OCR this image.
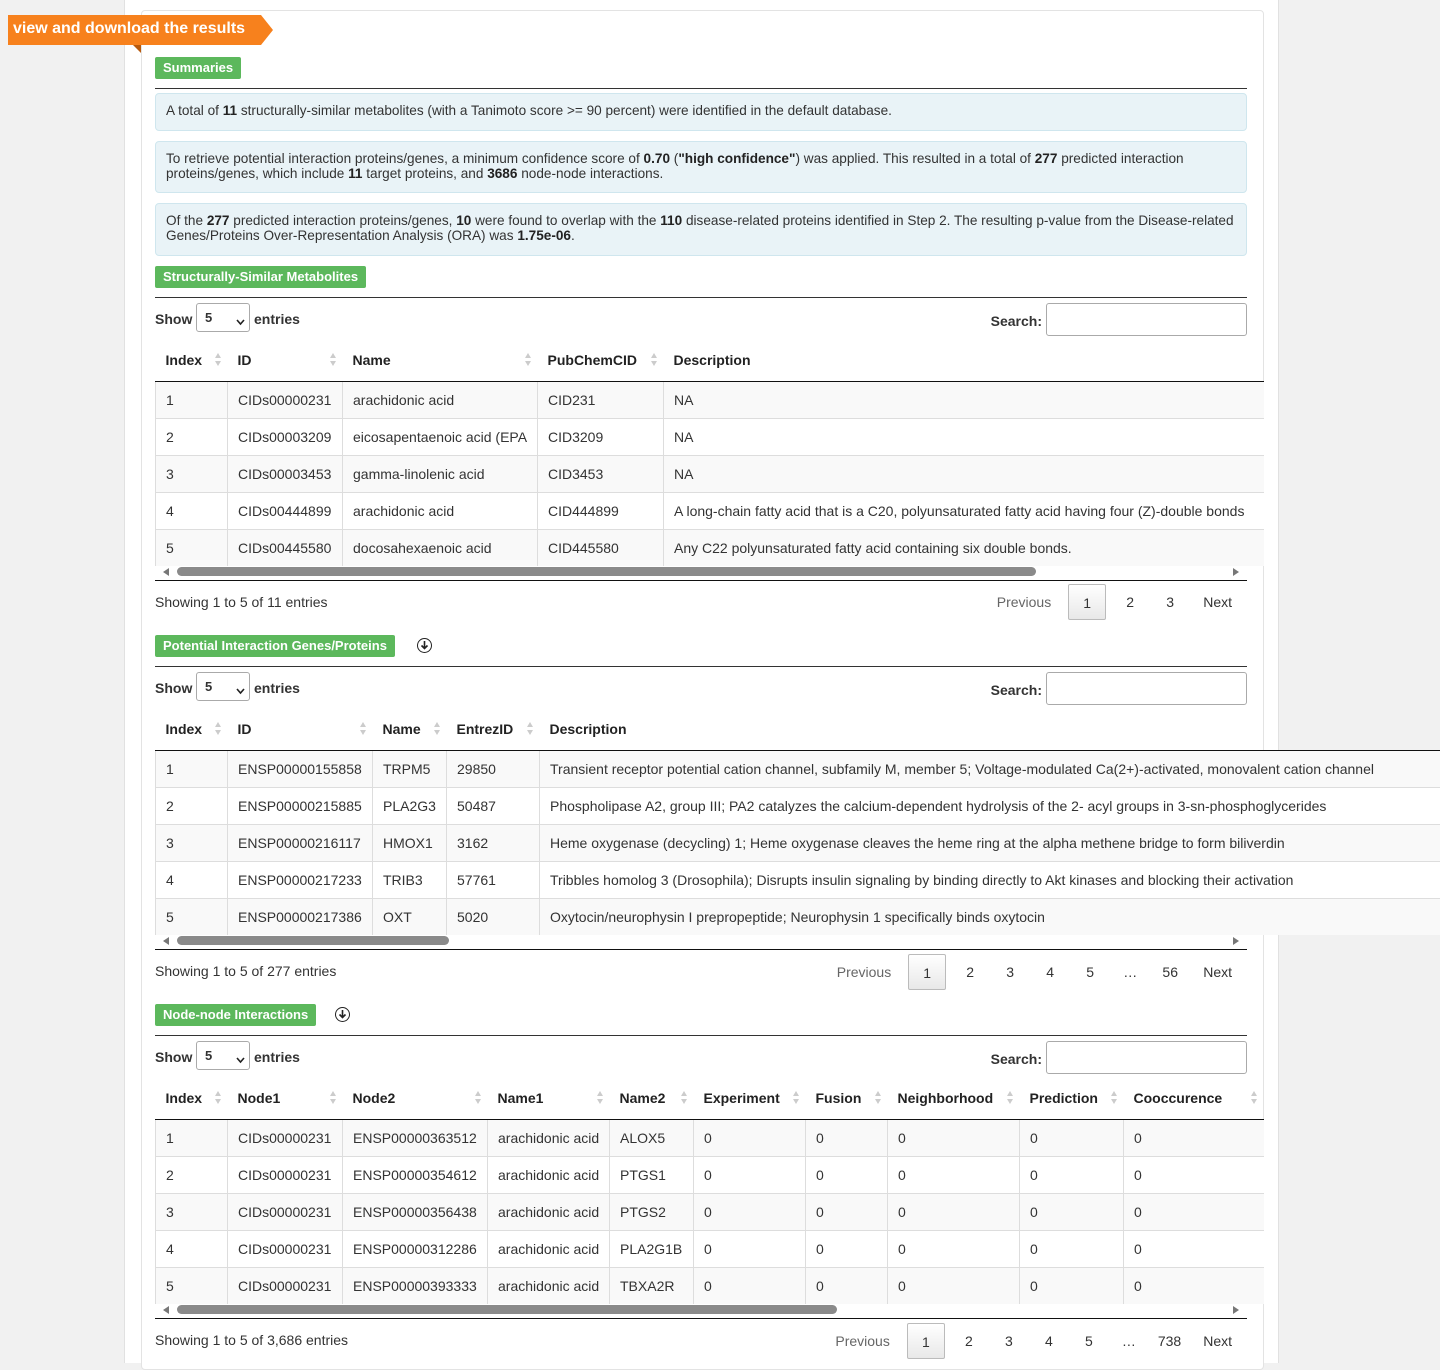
view and download the results
Summaries
A total of 11 structurally-similar metabolites (with a Tanimoto score >= 90 percent) were identified in the default database.
To retrieve potential interaction proteins/genes, a minimum confidence score of 0.70 ("high confidence") was applied. This resulted in a total of 277 predicted interaction proteins/genes, which include 11 target proteins, and 3686 node-node interactions.
Of the 277 predicted interaction proteins/genes, 10 were found to overlap with the 110 disease-related proteins identified in Step 2. The resulting p-value from the Disease-related Genes/Proteins Over-Representation Analysis (ORA) was 1.75e-06.
Structurally-Similar Metabolites
Show 5	entries	Search:
Index	ID	Name	PubChemCID	Description
1	CIDs00000231	arachidonic acid	CID231	NA
2	CIDs00003209	eicosapentaenoic acid (EPA	CID3209	NA
3	CIDs00003453	gamma-linolenic acid	CID3453	NA
4	CIDs00444899	arachidonic acid	CID444899	A long-chain fatty acid that is a C20, polyunsaturated fatty acid having four (Z)-double bonds
5	CIDs00445580	docosahexaenoic acid	CID445580	Any C22 polyunsaturated fatty acid containing six double bonds.
Showing 1 to 5 of 11 entries	Previous	1	2	3	Next
Potential Interaction Genes/Proteins
Show 5	entries	Search:
Index	ID	Name	EntrezID	Description
1	ENSP00000155858	TRPM5	29850	Transient receptor potential cation channel, subfamily M, member 5; Voltage-modulated Ca(2+)-activated, monovalent cation channel
2	ENSP00000215885	PLA2G3	50487	Phospholipase A2, group III; PA2 catalyzes the calcium-dependent hydrolysis of the 2- acyl groups in 3-sn-phosphoglycerides
3	ENSP00000216117	HMOX1	3162	Heme oxygenase (decycling) 1; Heme oxygenase cleaves the heme ring at the alpha methene bridge to form biliverdin
4	ENSP00000217233	TRIB3	57761	Tribbles homolog 3 (Drosophila); Disrupts insulin signaling by binding directly to Akt kinases and blocking their activation
5	ENSP00000217386	OXT	5020	Oxytocin/neurophysin I prepropeptide; Neurophysin 1 specifically binds oxytocin
Showing 1 to 5 of 277 entries	Previous	1	2	3	4	5	…	56	Next
Node-node Interactions
Show 5	entries	Search:
Index	Node1	Node2	Name1	Name2	Experiment	Fusion	Neighborhood	Prediction	Cooccurence

1	CIDs00000231	ENSP00000363512	arachidonic acid	ALOX5	0	0	0	0	0
2	CIDs00000231	ENSP00000354612	arachidonic acid	PTGS1	0	0	0	0	0
3	CIDs00000231	ENSP00000356438	arachidonic acid	PTGS2	0	0	0	0	0
4	CIDs00000231	ENSP00000312286	arachidonic acid	PLA2G1B	0	0	0	0	0
5	CIDs00000231	ENSP00000393333	arachidonic acid	TBXA2R	0	0	0	0	0
Showing 1 to 5 of 3,686 entries	Previous	1	2	3	4	5	…	738	Next
